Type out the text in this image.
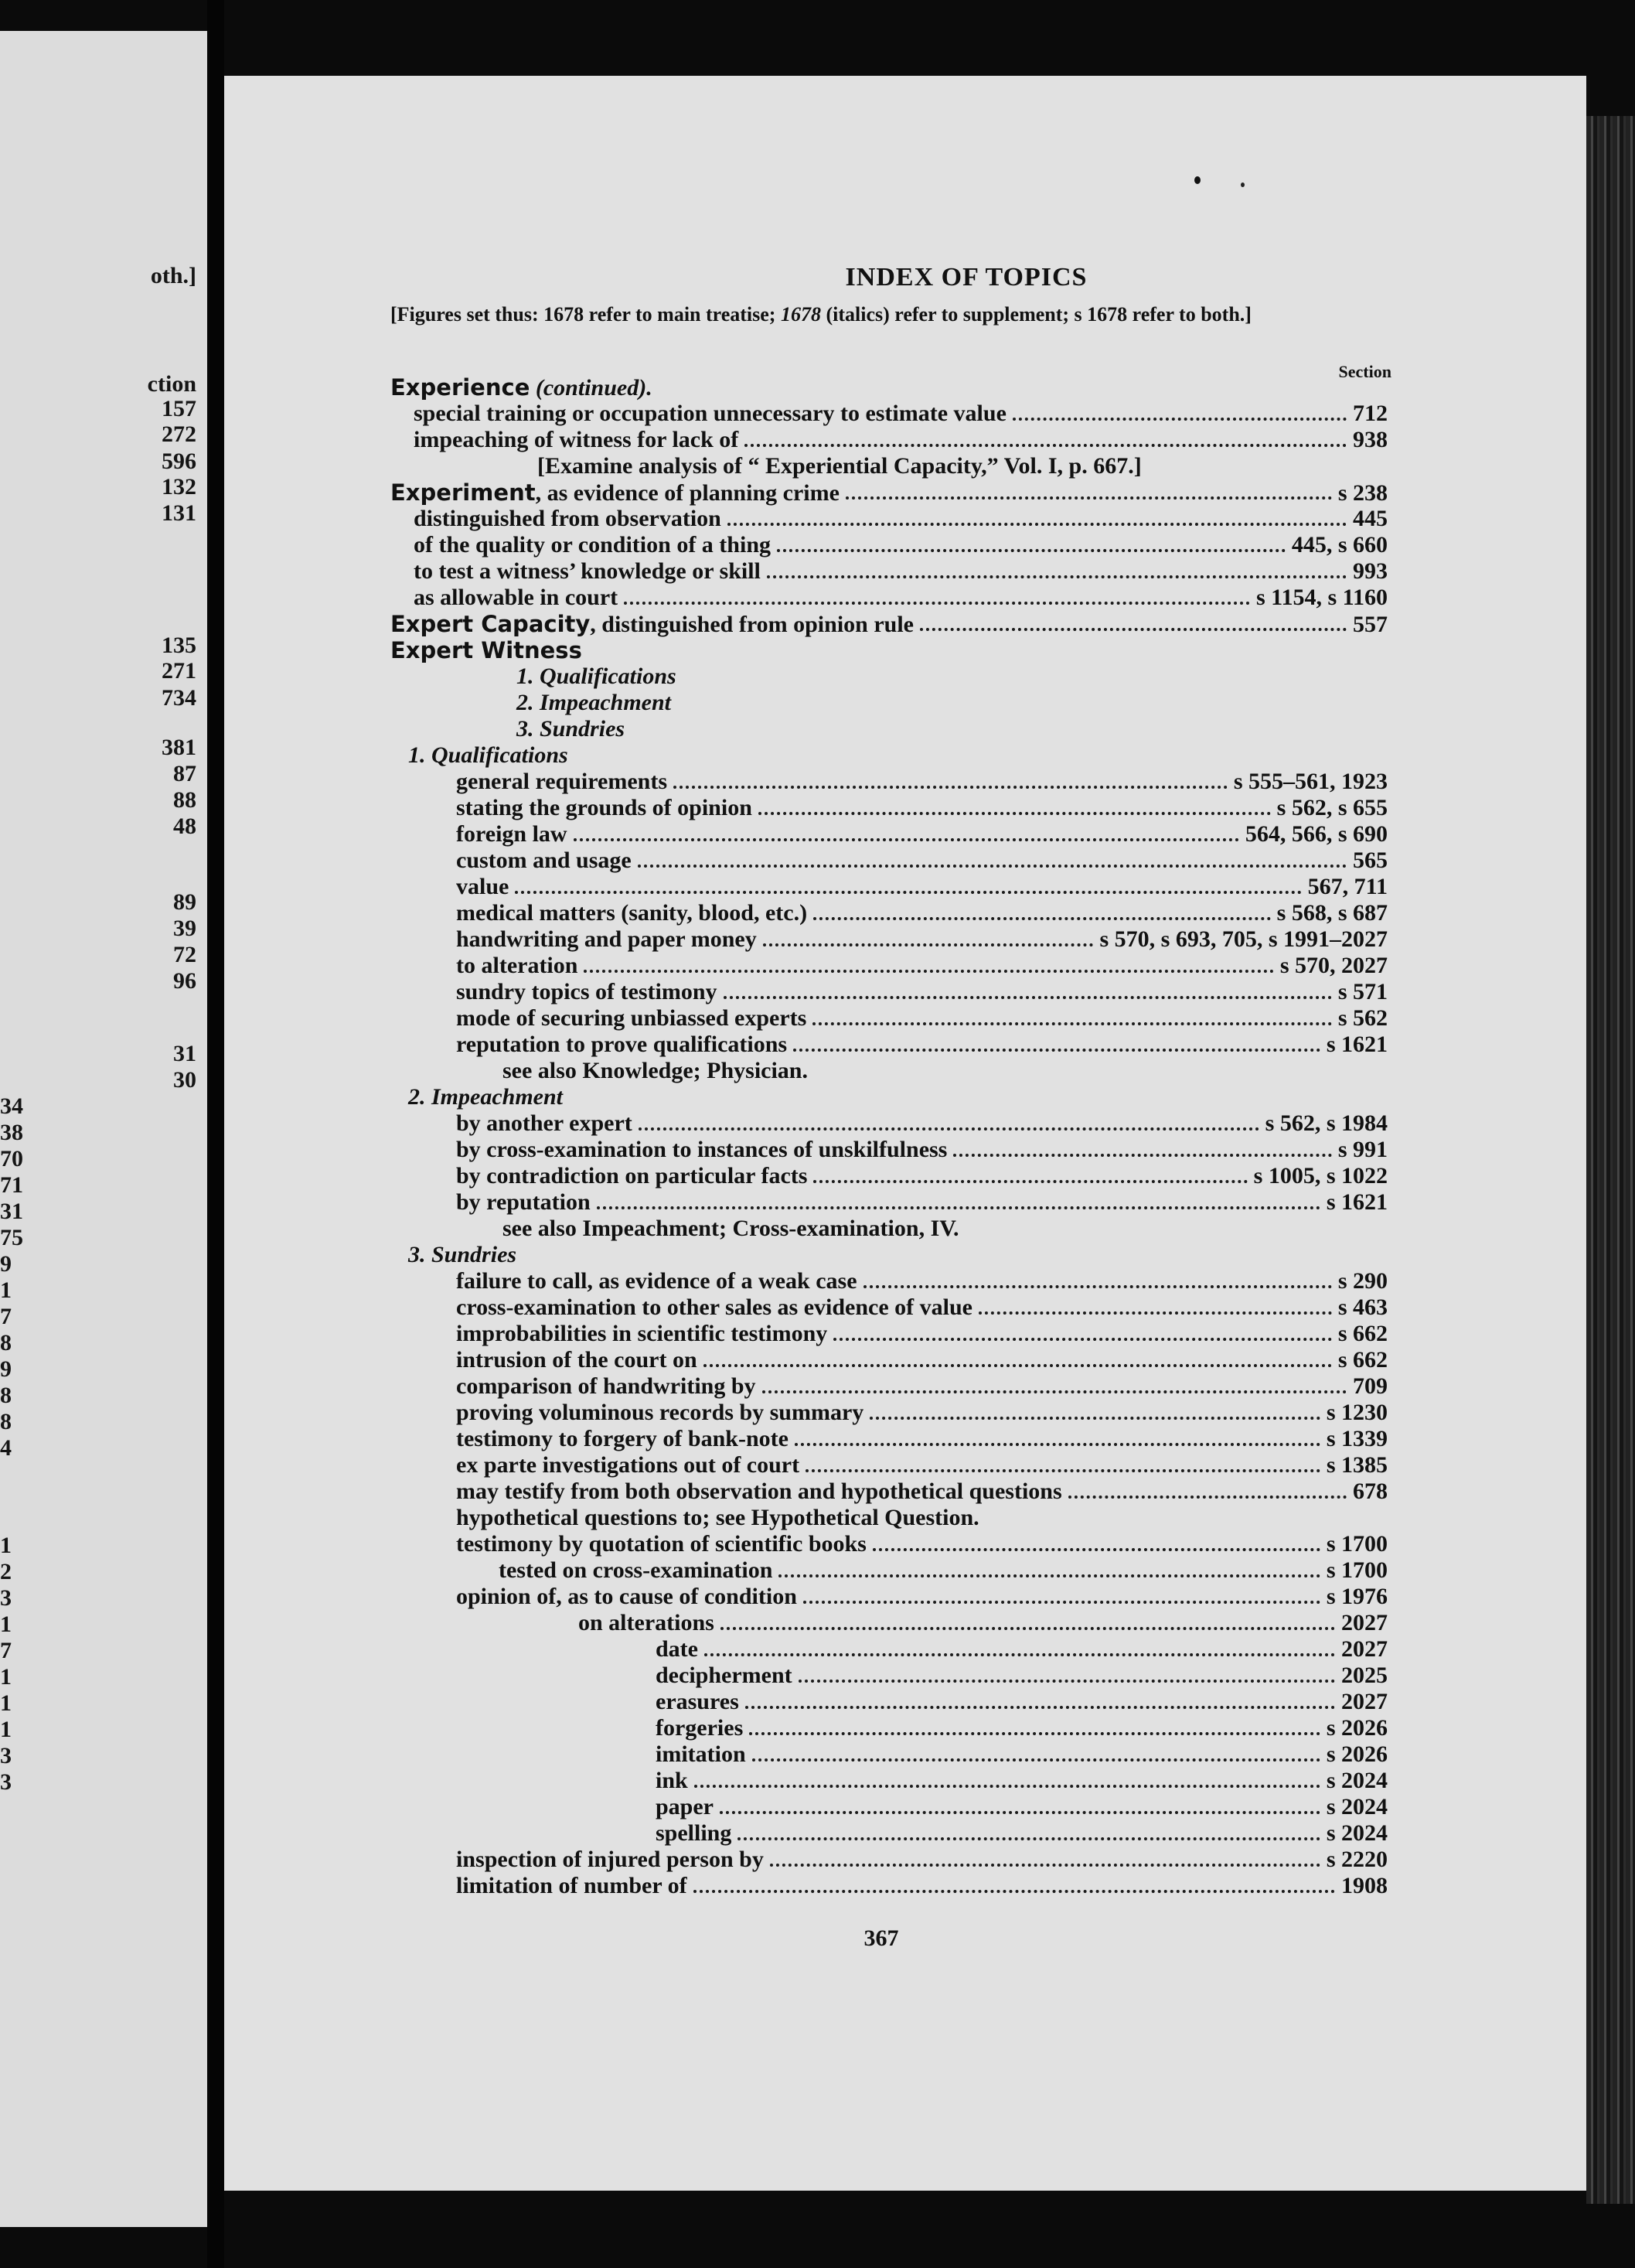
oth.]
ction
157
272
596
132
131
135
271
734
381
87
88
48
89
39
72
96
31
30
34
38
70
71
31
75
9
1
7
8
9
8
8
4
1
2
3
1
7
1
1
1
3
3
INDEX OF TOPICS
[Figures set thus: 1678 refer to main treatise; 1678 (italics) refer to supplement; s 1678 refer to both.]
Section
Experience (continued).
special training or occupation unnecessary to estimate value	712
impeaching of witness for lack of	938
[Examine analysis of “ Experiential Capacity,” Vol. I, p. 667.]
Experiment, as evidence of planning crime	s 238
distinguished from observation	445
of the quality or condition of a thing	445, s 660
to test a witness’ knowledge or skill	993
as allowable in court	s 1154, s 1160
Expert Capacity, distinguished from opinion rule	557
Expert Witness
1. Qualifications
2. Impeachment
3. Sundries
1. Qualifications
general requirements	s 555–561, 1923
stating the grounds of opinion	s 562, s 655
foreign law	564, 566, s 690
custom and usage	565
value	567, 711
medical matters (sanity, blood, etc.)	s 568, s 687
handwriting and paper money	s 570, s 693, 705, s 1991–2027
to alteration	s 570, 2027
sundry topics of testimony	s 571
mode of securing unbiassed experts	s 562
reputation to prove qualifications	s 1621
see also Knowledge; Physician.
2. Impeachment
by another expert	s 562, s 1984
by cross-examination to instances of unskilfulness	s 991
by contradiction on particular facts	s 1005, s 1022
by reputation	s 1621
see also Impeachment; Cross-examination, IV.
3. Sundries
failure to call, as evidence of a weak case	s 290
cross-examination to other sales as evidence of value	s 463
improbabilities in scientific testimony	s 662
intrusion of the court on	s 662
comparison of handwriting by	709
proving voluminous records by summary	s 1230
testimony to forgery of bank-note	s 1339
ex parte investigations out of court	s 1385
may testify from both observation and hypothetical questions	678
hypothetical questions to; see Hypothetical Question.
testimony by quotation of scientific books	s 1700
tested on cross-examination	s 1700
opinion of, as to cause of condition	s 1976
on alterations	2027
date	2027
decipherment	2025
erasures	2027
forgeries	s 2026
imitation	s 2026
ink	s 2024
paper	s 2024
spelling	s 2024
inspection of injured person by	s 2220
limitation of number of	1908
367
